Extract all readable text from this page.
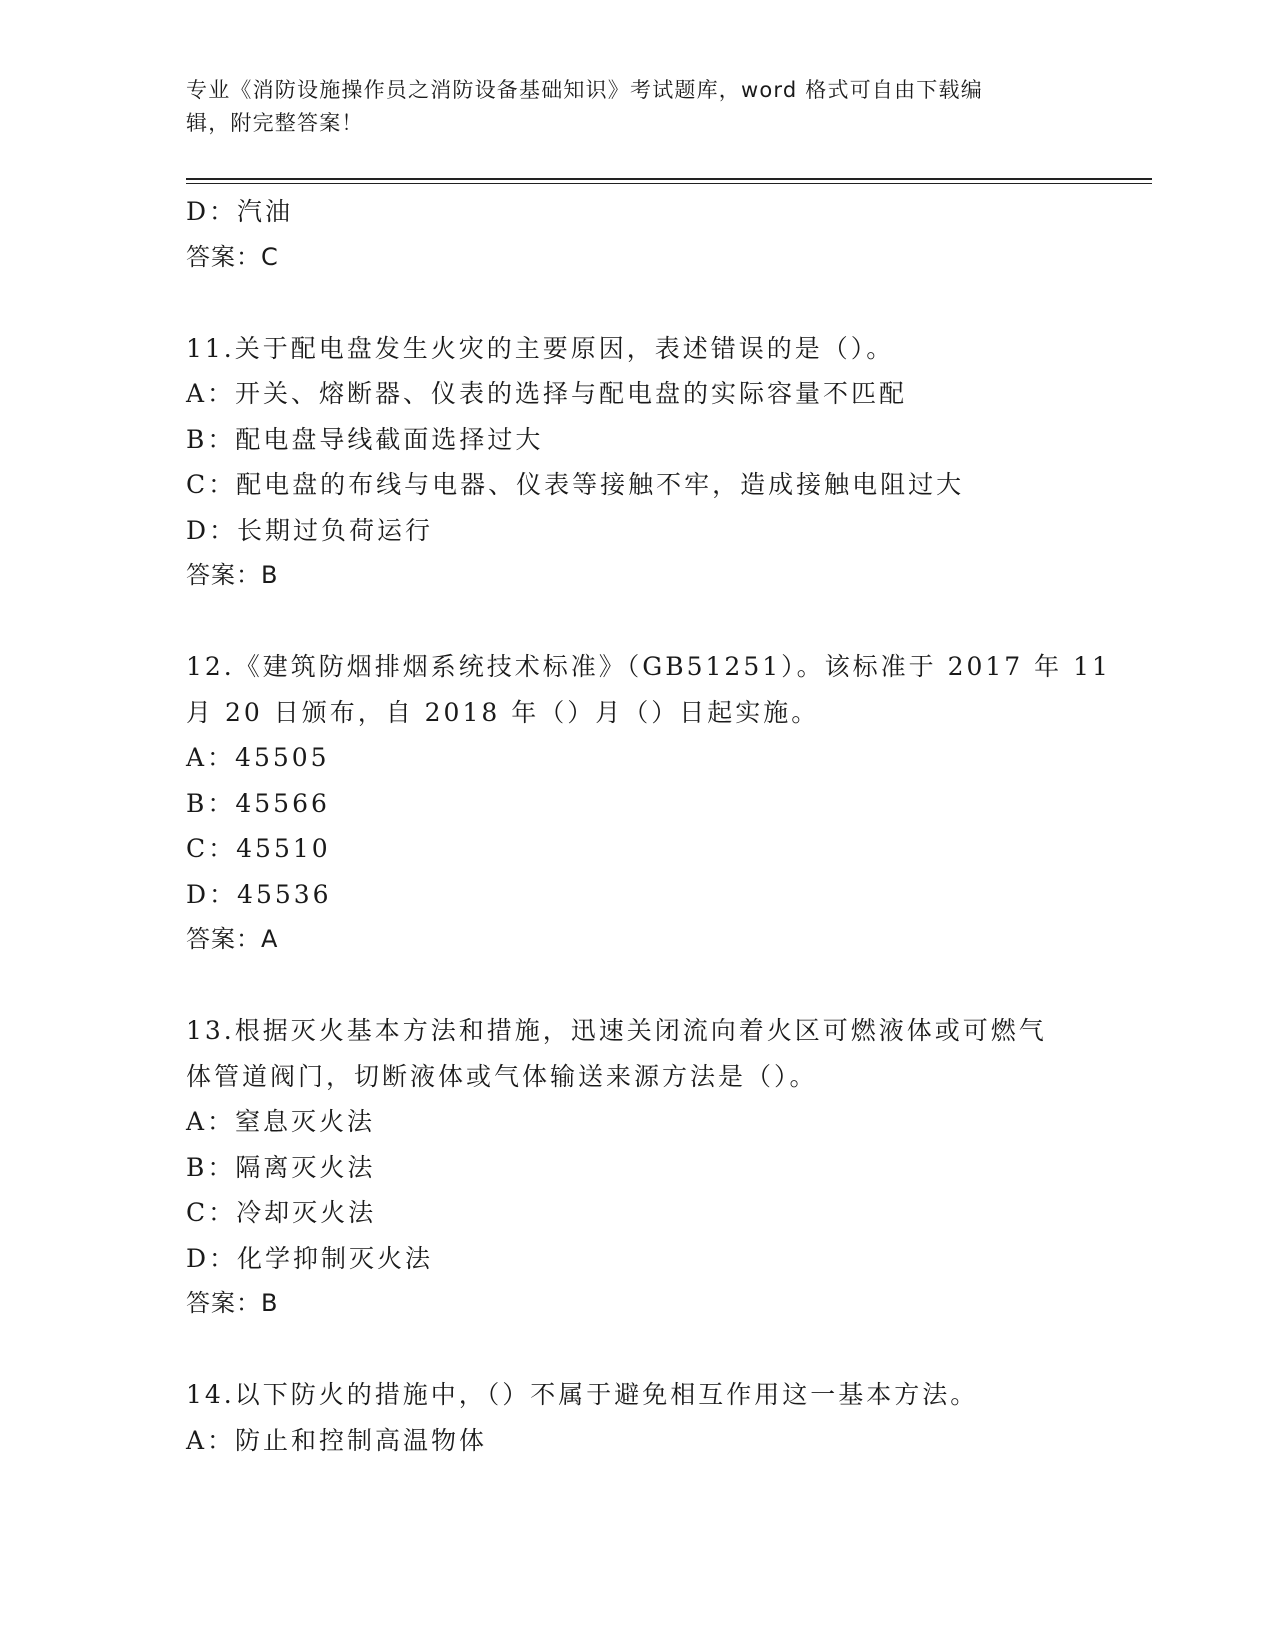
专业《消防设施操作员之消防设备基础知识》考试题库，word 格式可自由下载编
辑，附完整答案！
D：汽油
答案：C
11.关于配电盘发生火灾的主要原因，表述错误的是（）。
A：开关、熔断器、仪表的选择与配电盘的实际容量不匹配
B：配电盘导线截面选择过大
C：配电盘的布线与电器、仪表等接触不牢，造成接触电阻过大
D：长期过负荷运行
答案：B
12.《建筑防烟排烟系统技术标准》（GB51251）。该标准于 2017 年 11
月 20 日颁布，自 2018 年（）月（）日起实施。
A：45505
B：45566
C：45510
D：45536
答案：A
13.根据灭火基本方法和措施，迅速关闭流向着火区可燃液体或可燃气
体管道阀门，切断液体或气体输送来源方法是（）。
A：窒息灭火法
B：隔离灭火法
C：冷却灭火法
D：化学抑制灭火法
答案：B
14.以下防火的措施中，（）不属于避免相互作用这一基本方法。
A：防止和控制高温物体
